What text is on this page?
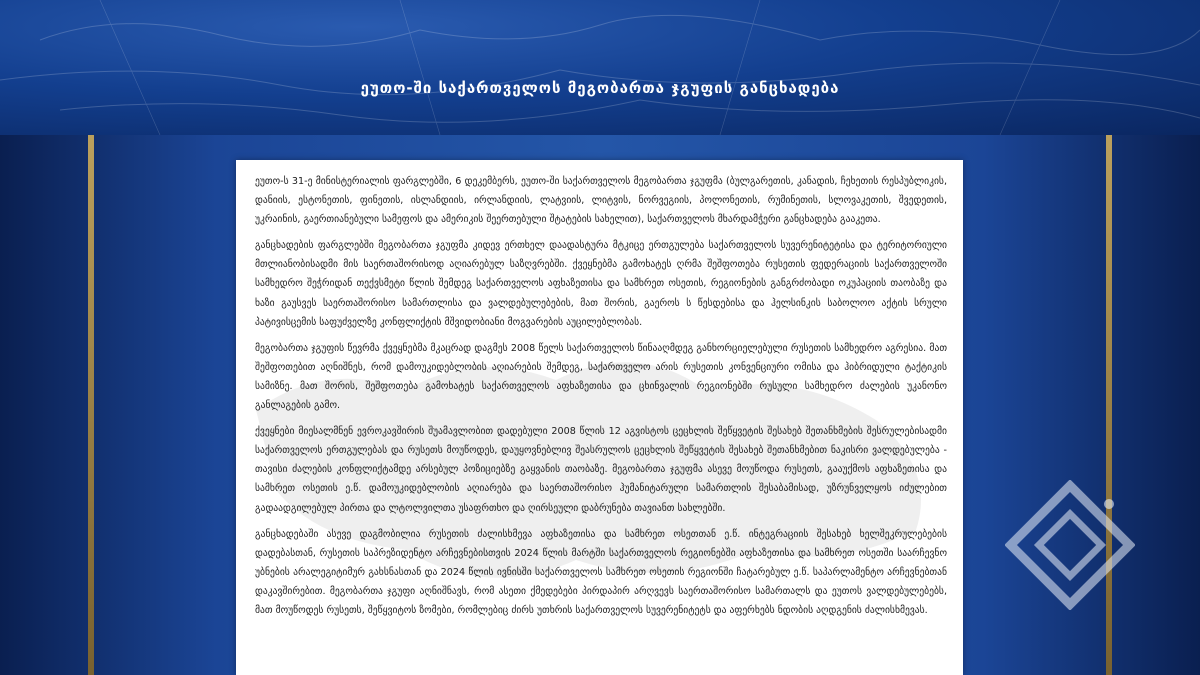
ეუთო-ში საქართველოს მეგობართა ჯგუფის განცხადება

ეუთო-ს 31-ე მინისტერიალის ფარგლებში, 6 დეკემბერს, ეუთო-ში საქართველოს მეგობართა ჯგუფმა (ბულგარეთის, კანადის, ჩეხეთის რესპუბლიკის, დანიის, ესტონეთის, ფინეთის, ისლანდიის, ირლანდიის, ლატვიის, ლიტვის, ნორვეგიის, პოლონეთის, რუმინეთის, სლოვაკეთის, შვედეთის, უკრაინის, გაერთიანებული სამეფოს და ამერიკის შეერთებული შტატების სახელით), საქართველოს მხარდამჭერი განცხადება გააკეთა.

განცხადების ფარგლებში მეგობართა ჯგუფმა კიდევ ერთხელ დაადასტურა მტკიცე ერთგულება საქართველოს სუვერენიტეტისა და ტერიტორიული მთლიანობისადმი მის საერთაშორისოდ აღიარებულ საზღვრებში. ქვეყნებმა გამოხატეს ღრმა შეშფოთება რუსეთის ფედერაციის საქართველოში სამხედრო შეჭრიდან თექვსმეტი წლის შემდეგ საქართველოს აფხაზეთისა და სამხრეთ ოსეთის, რეგიონების განგრძობადი ოკუპაციის თაობაზე და ხაზი გაუსვეს საერთაშორისო სამართლისა და ვალდებულებების, მათ შორის, გაეროს ს წესდებისა და ჰელსინკის საბოლოო აქტის სრული პატივისცემის საფუძველზე კონფლიქტის მშვიდობიანი მოგვარების აუცილებლობას.

მეგობართა ჯგუფის წევრმა ქვეყნებმა მკაცრად დაგმეს 2008 წელს საქართველოს წინააღმდეგ განხორციელებული რუსეთის სამხედრო აგრესია. მათ შეშფოთებით აღნიშნეს, რომ დამოუკიდებლობის აღიარების შემდეგ, საქართველო არის რუსეთის კონვენციური ომისა და ჰიბრიდული ტაქტიკის სამიზნე. მათ შორის, შეშფოთება გამოხატეს საქართველოს აფხაზეთისა და ცხინვალის რეგიონებში რუსული სამხედრო ძალების უკანონო განლაგების გამო.

ქვეყნები მიესალმნენ ევროკავშირის შუამავლობით დადებული 2008 წლის 12 აგვისტოს ცეცხლის შეწყვეტის შესახებ შეთანხმების შესრულებისადმი საქართველოს ერთგულებას და რუსეთს მოუწოდეს, დაუყოვნებლივ შეასრულოს ცეცხლის შეწყვეტის შესახებ შეთანხმებით ნაკისრი ვალდებულება - თავისი ძალების კონფლიქტამდე არსებულ პოზიციებზე გაყვანის თაობაზე. მეგობართა ჯგუფმა ასევე მოუწოდა რუსეთს, გააუქმოს აფხაზეთისა და სამხრეთ ოსეთის ე.წ. დამოუკიდებლობის აღიარება და საერთაშორისო ჰუმანიტარული სამართლის შესაბამისად, უზრუნველყოს იძულებით გადაადგილებულ პირთა და ლტოლვილთა უსაფრთხო და ღირსეული დაბრუნება თავიანთ სახლებში.

განცხადებაში ასევე დაგმობილია რუსეთის ძალისხმევა აფხაზეთისა და სამხრეთ ოსეთთან ე.წ. ინტეგრაციის შესახებ ხელშეკრულებების დადებასთან, რუსეთის საპრეზიდენტო არჩევნებისთვის 2024 წლის მარტში საქართველოს რეგიონებში აფხაზეთისა და სამხრეთ ოსეთში საარჩევნო უბნების არალეგიტიმურ გახსნასთან და 2024 წლის ივნისში საქართველოს სამხრეთ ოსეთის რეგიონში ჩატარებულ ე.წ. საპარლამენტო არჩევნებთან დაკავშირებით. მეგობართა ჯგუფი აღნიშნავს, რომ ასეთი ქმედებები პირდაპირ არღვევს საერთაშორისო სამართალს და ეუთოს ვალდებულებებს, მათ მოუწოდეს რუსეთს, შეწყვიტოს ზომები, რომლებიც ძირს უთხრის საქართველოს სუვერენიტეტს და აფერხებს ნდობის აღდგენის ძალისხმევას.
